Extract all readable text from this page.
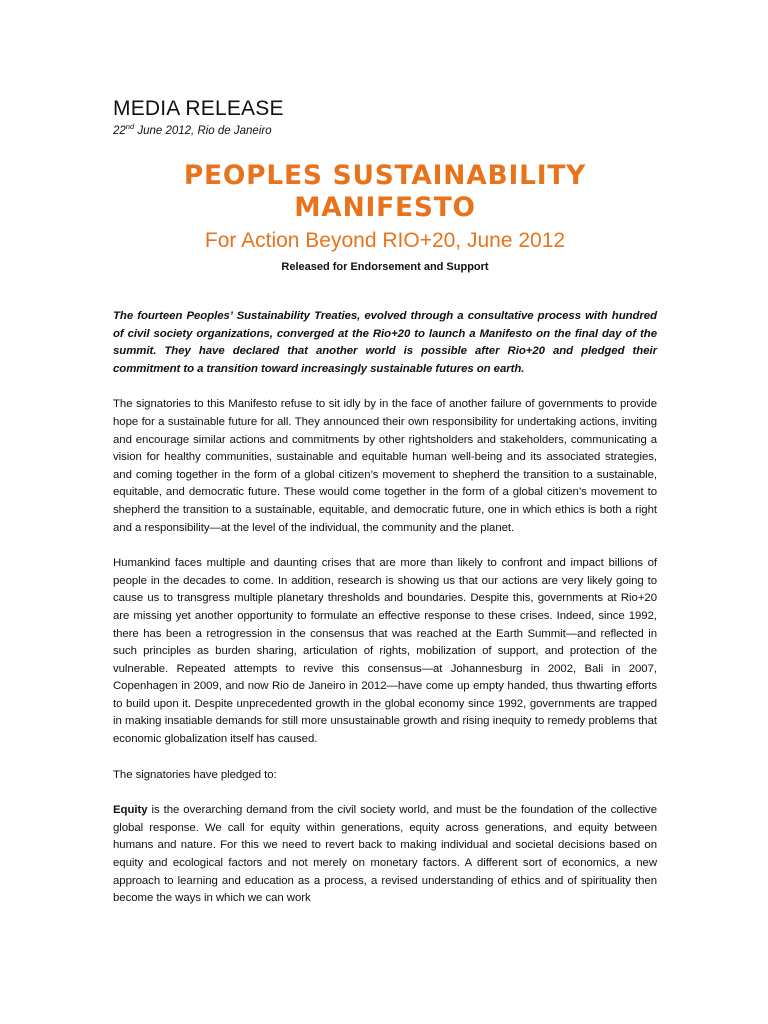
MEDIA RELEASE

22nd June 2012, Rio de Janeiro

PEOPLES SUSTAINABILITY MANIFESTO
For Action Beyond RIO+20, June 2012

Released for Endorsement and Support

The fourteen Peoples’ Sustainability Treaties, evolved through a consultative process with hundred of civil society organizations, converged at the Rio+20 to launch a Manifesto on the final day of the summit. They have declared that another world is possible after Rio+20 and pledged their commitment to a transition toward increasingly sustainable futures on earth.

The signatories to this Manifesto refuse to sit idly by in the face of another failure of governments to provide hope for a sustainable future for all. They announced their own responsibility for undertaking actions, inviting and encourage similar actions and commitments by other rightsholders and stakeholders, communicating a vision for healthy communities, sustainable and equitable human well-being and its associated strategies, and coming together in the form of a global citizen’s movement to shepherd the transition to a sustainable, equitable, and democratic future. These would come together in the form of a global citizen’s movement to shepherd the transition to a sustainable, equitable, and democratic future, one in which ethics is both a right and a responsibility—at the level of the individual, the community and the planet.

Humankind faces multiple and daunting crises that are more than likely to confront and impact billions of people in the decades to come. In addition, research is showing us that our actions are very likely going to cause us to transgress multiple planetary thresholds and boundaries. Despite this, governments at Rio+20 are missing yet another opportunity to formulate an effective response to these crises. Indeed, since 1992, there has been a retrogression in the consensus that was reached at the Earth Summit—and reflected in such principles as burden sharing, articulation of rights, mobilization of support, and protection of the vulnerable. Repeated attempts to revive this consensus—at Johannesburg in 2002, Bali in 2007, Copenhagen in 2009, and now Rio de Janeiro in 2012—have come up empty handed, thus thwarting efforts to build upon it. Despite unprecedented growth in the global economy since 1992, governments are trapped in making insatiable demands for still more unsustainable growth and rising inequity to remedy problems that economic globalization itself has caused.

The signatories have pledged to:

Equity is the overarching demand from the civil society world, and must be the foundation of the collective global response. We call for equity within generations, equity across generations, and equity between humans and nature. For this we need to revert back to making individual and societal decisions based on equity and ecological factors and not merely on monetary factors. A different sort of economics, a new approach to learning and education as a process, a revised understanding of ethics and of spirituality then become the ways in which we can work
